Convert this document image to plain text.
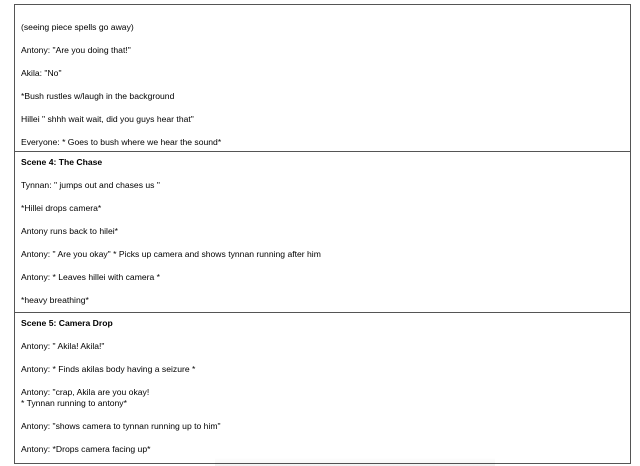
(seeing piece spells go away)

Antony: "Are you doing that!"

Akila: "No"

*Bush rustles w/laugh in the background

Hillei " shhh wait wait, did you guys hear that"

Everyone: * Goes to bush where we hear the sound*

Scene 4: The Chase

Tynnan: " jumps out and chases us "

*Hillei drops camera*

Antony runs back to hilei*

Antony: " Are you okay" * Picks up camera and shows tynnan running after him

Antony: * Leaves hillei with camera *

*heavy breathing*

Scene 5: Camera Drop

Antony: " Akila! Akila!"

Antony: * Finds akilas body having a seizure *

Antony: "crap, Akila are you okay!

* Tynnan running to antony*

Antony: "shows camera to tynnan running up to him"

Antony: *Drops camera facing up*
